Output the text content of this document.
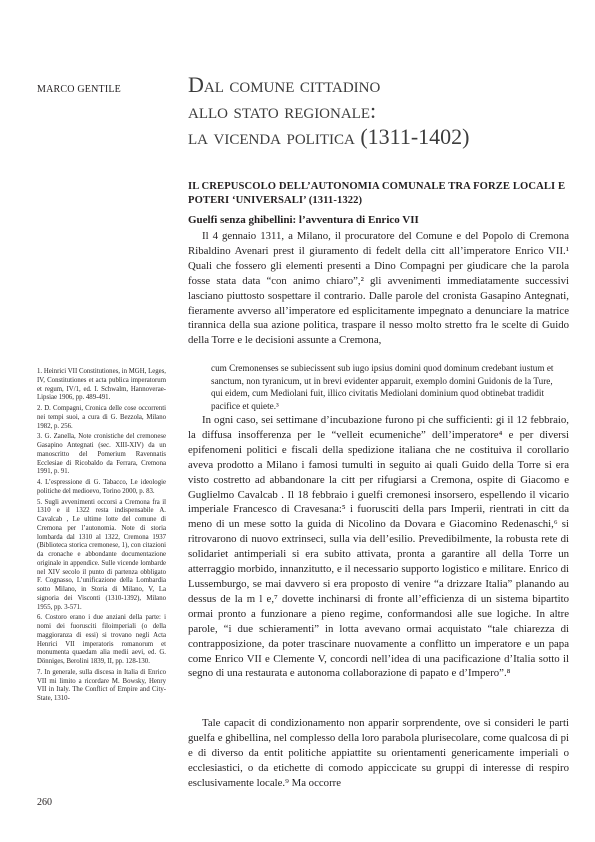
MARCO GENTILE	Dal comune cittadino
allo stato regionale:
la vicenda politica (1311-1402)
IL CREPUSCOLO DELL’AUTONOMIA COMUNALE TRA FORZE LOCALI E POTERI ‘UNIVERSALI’ (1311-1322)
Guelfi senza ghibellini: l’avventura di Enrico VII

Il 4 gennaio 1311, a Milano, il procuratore del Comune e del Popolo di Cremona Ribaldino Avenari prest il giuramento di fedelt della citt all’imperatore Enrico VII.¹ Quali che fossero gli elementi presenti a Dino Compagni per giudicare che la parola fosse stata data “con animo chiaro”,² gli avvenimenti immediatamente successivi lasciano piuttosto sospettare il contrario. Dalle parole del cronista Gasapino Antegnati, fieramente avverso all’imperatore ed esplicitamente impegnato a denunciare la matrice tirannica della sua azione politica, traspare il nesso molto stretto fra le scelte di Guido della Torre e le decisioni assunte a Cremona,

cum Cremonenses se subiecissent sub iugo ipsius domini quod dominum credebant iustum et sanctum, non tyranicum, ut in brevi evidenter apparuit, exemplo domini Guidonis de la Ture, qui eidem, cum Mediolani fuit, illico civitatis Mediolani dominium quod obtinebat tradidit pacifice et quiete.³

In ogni caso, sei settimane d’incubazione furono pi che sufficienti: gi il 12 febbraio, la diffusa insofferenza per le “velleit ecumeniche” dell’imperatore⁴ e per diversi epifenomeni politici e fiscali della spedizione italiana che ne costituiva il corollario aveva prodotto a Milano i famosi tumulti in seguito ai quali Guido della Torre si era visto costretto ad abbandonare la citt per rifugiarsi a Cremona, ospite di Giacomo e Guglielmo Cavalcab . Il 18 febbraio i guelfi cremonesi insorsero, espellendo il vicario imperiale Francesco di Cravesana:⁵ i fuorusciti della pars Imperii, rientrati in citt da meno di un mese sotto la guida di Nicolino da Dovara e Giacomino Redenaschi,⁶ si ritrovarono di nuovo extrinseci, sulla via dell’esilio. Prevedibilmente, la robusta rete di solidariet antimperiali si era subito attivata, pronta a garantire all della Torre un atterraggio morbido, innanzitutto, e il necessario supporto logistico e militare. Enrico di Lussemburgo, se mai davvero si era proposto di venire “a drizzare Italia” planando au dessus de la m l e,⁷ dovette inchinarsi di fronte all’efficienza di un sistema bipartito ormai pronto a funzionare a pieno regime, conformandosi alle sue logiche. In altre parole, “i due schieramenti” in lotta avevano ormai acquistato “tale chiarezza di contrapposizione, da poter trascinare nuovamente a conflitto un imperatore e un papa come Enrico VII e Clemente V, concordi nell’idea di una pacificazione d’Italia sotto il segno di una restaurata e autonoma collaborazione di papato e d’Impero”.⁸

Tale capacit di condizionamento non apparir sorprendente, ove si consideri le parti guelfa e ghibellina, nel complesso della loro parabola plurisecolare, come qualcosa di pi e di diverso da entit politiche appiattite su orientamenti genericamente imperiali o ecclesiastici, o da etichette di comodo appiccicate su gruppi di interesse di respiro esclusivamente locale.⁹ Ma occorre

1. Heinrici VII Constitutiones, in MGH, Leges, IV, Constitutiones et acta publica imperatorum et regum, IV/1, ed. I. Schwalm, Hannoverae-Lipsiae 1906, pp. 489-491.

2. D. Compagni, Cronica delle cose occorrenti nei tempi suoi, a cura di G. Bezzola, Milano 1982, p. 256.

3. G. Zanella, Note cronistiche del cremonese Gasapino Antegnati (sec. XIII-XIV) da un manoscritto del Pomerium Ravennatis Ecclesiae di Ricobaldo da Ferrara, Cremona 1991, p. 91.

4. L’espressione di G. Tabacco, Le ideologie politiche del medioevo, Torino 2000, p. 83.

5. Sugli avvenimenti occorsi a Cremona fra il 1310 e il 1322 resta indispensabile A. Cavalcab , Le ultime lotte del comune di Cremona per l’autonomia. Note di storia lombarda dal 1310 al 1322, Cremona 1937 (Biblioteca storica cremonese, 1), con citazioni da cronache e abbondante documentazione originale in appendice. Sulle vicende lombarde nel XIV secolo il punto di partenza obbligato F. Cognasso, L’unificazione della Lombardia sotto Milano, in Storia di Milano, V, La signoria dei Visconti (1310-1392), Milano 1955, pp. 3-571.

6. Costoro erano i due anziani della parte: i nomi dei fuorusciti filoimperiali (o della maggioranza di essi) si trovano negli Acta Henrici VII imperatoris romanorum et monumenta quaedam alia medii aevi, ed. G. Dönniges, Berolini 1839, II, pp. 128-130.

7. In generale, sulla discesa in Italia di Enrico VII mi limito a ricordare M. Bowsky, Henry VII in Italy. The Conflict of Empire and City-State, 1310-

260
